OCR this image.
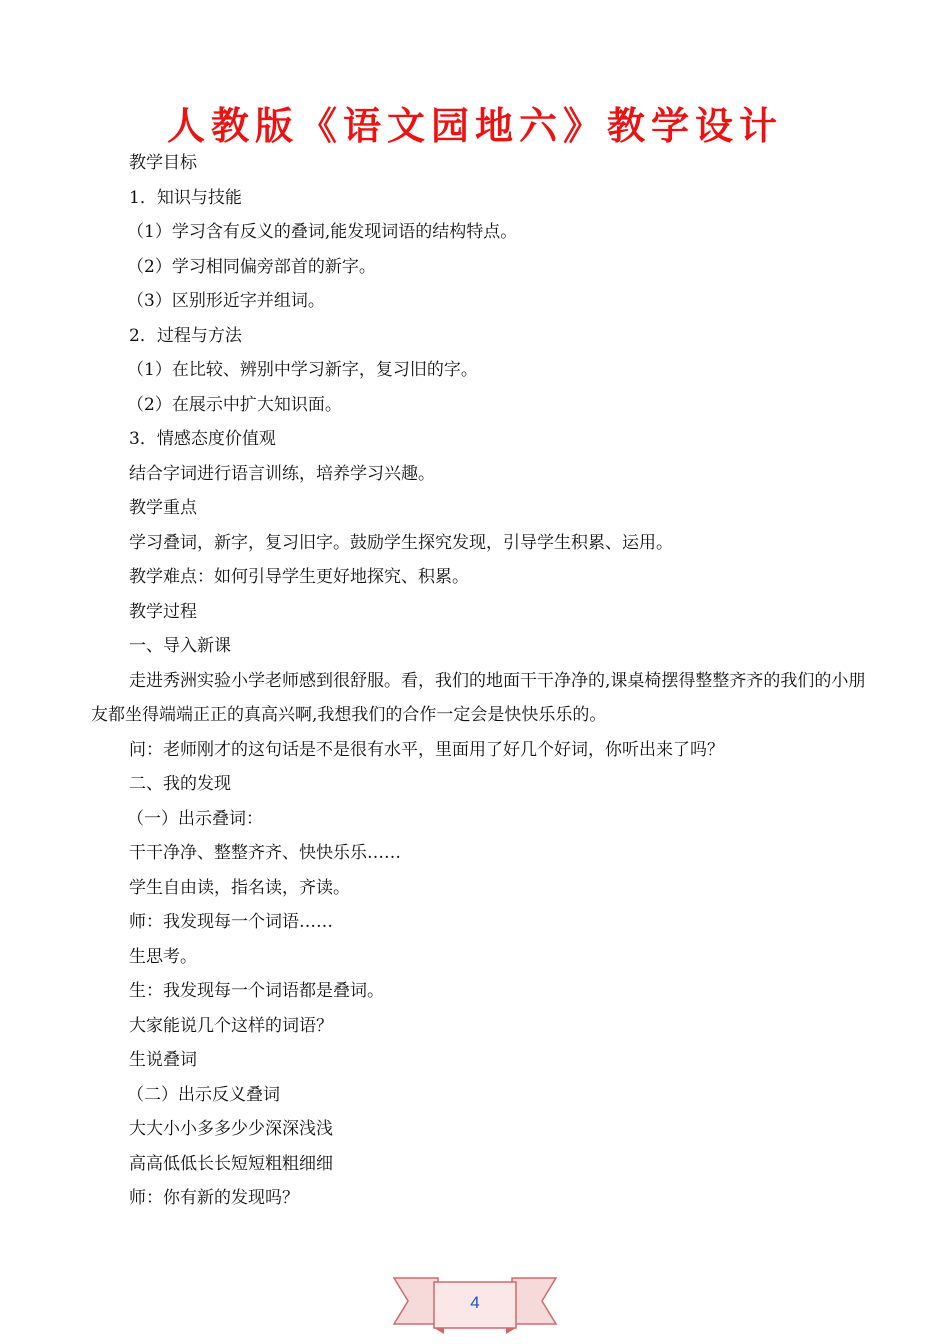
人教版《语文园地六》教学设计
教学目标
1．知识与技能
（1）学习含有反义的叠词,能发现词语的结构特点。
（2）学习相同偏旁部首的新字。
（3）区别形近字并组词。
2．过程与方法
（1）在比较、辨别中学习新字，复习旧的字。
（2）在展示中扩大知识面。
3．情感态度价值观
结合字词进行语言训练，培养学习兴趣。
教学重点
学习叠词，新字，复习旧字。鼓励学生探究发现，引导学生积累、运用。
教学难点：如何引导学生更好地探究、积累。
教学过程
一、导入新课
走进秀洲实验小学老师感到很舒服。看，我们的地面干干净净的,课桌椅摆得整整齐齐的我们的小朋友都坐得端端正正的真高兴啊,我想我们的合作一定会是快快乐乐的。
问：老师刚才的这句话是不是很有水平，里面用了好几个好词，你听出来了吗？
二、我的发现
（一）出示叠词：
干干净净、整整齐齐、快快乐乐……
学生自由读，指名读，齐读。
师：我发现每一个词语……
生思考。
生：我发现每一个词语都是叠词。
大家能说几个这样的词语？
生说叠词
（二）出示反义叠词
大大小小多多少少深深浅浅
高高低低长长短短粗粗细细
师：你有新的发现吗？
4
